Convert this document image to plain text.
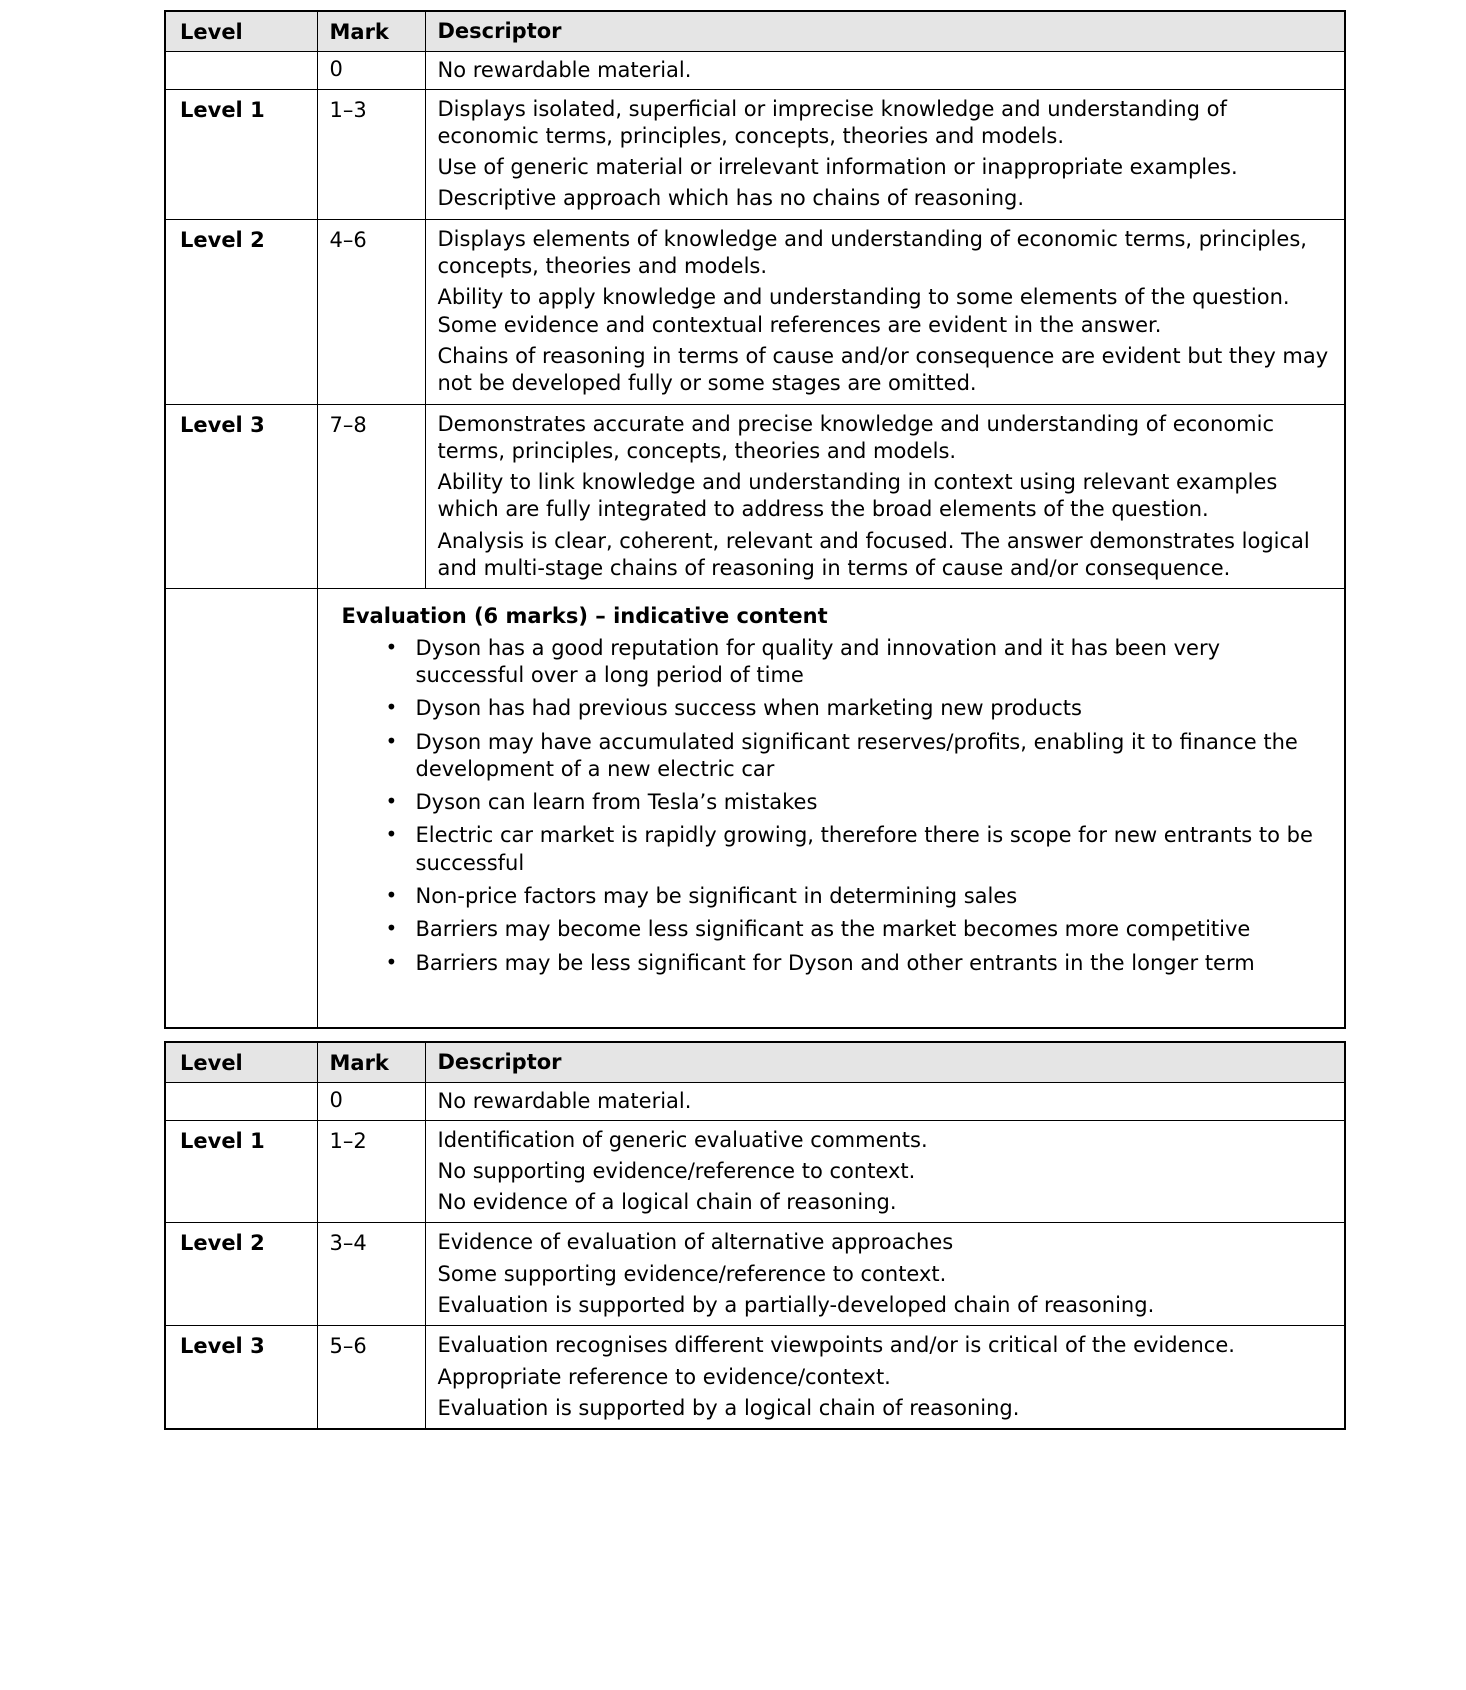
Level	Mark	Descriptor
	0	No rewardable material.

Level 1	1–3	Displays isolated, superficial or imprecise knowledge and understanding of economic terms, principles, concepts, theories and models.

Use of generic material or irrelevant information or inappropriate examples.

Descriptive approach which has no chains of reasoning.

Level 2	4–6	Displays elements of knowledge and understanding of economic terms, principles, concepts, theories and models.

Ability to apply knowledge and understanding to some elements of the question. Some evidence and contextual references are evident in the answer.

Chains of reasoning in terms of cause and/or consequence are evident but they may not be developed fully or some stages are omitted.

Level 3	7–8	Demonstrates accurate and precise knowledge and understanding of economic terms, principles, concepts, theories and models.

Ability to link knowledge and understanding in context using relevant examples which are fully integrated to address the broad elements of the question.

Analysis is clear, coherent, relevant and focused. The answer demonstrates logical and multi-stage chains of reasoning in terms of cause and/or consequence.

Evaluation (6 marks) – indicative content

• Dyson has a good reputation for quality and innovation and it has been very successful over a long period of time
• Dyson has had previous success when marketing new products
• Dyson may have accumulated significant reserves/profits, enabling it to finance the development of a new electric car
• Dyson can learn from Tesla’s mistakes
• Electric car market is rapidly growing, therefore there is scope for new entrants to be successful
• Non-price factors may be significant in determining sales
• Barriers may become less significant as the market becomes more competitive
• Barriers may be less significant for Dyson and other entrants in the longer term
Level	Mark	Descriptor
	0	No rewardable material.

Level 1	1–2	Identification of generic evaluative comments.

No supporting evidence/reference to context.

No evidence of a logical chain of reasoning.

Level 2	3–4	Evidence of evaluation of alternative approaches

Some supporting evidence/reference to context.

Evaluation is supported by a partially-developed chain of reasoning.

Level 3	5–6	Evaluation recognises different viewpoints and/or is critical of the evidence.

Appropriate reference to evidence/context.

Evaluation is supported by a logical chain of reasoning.
